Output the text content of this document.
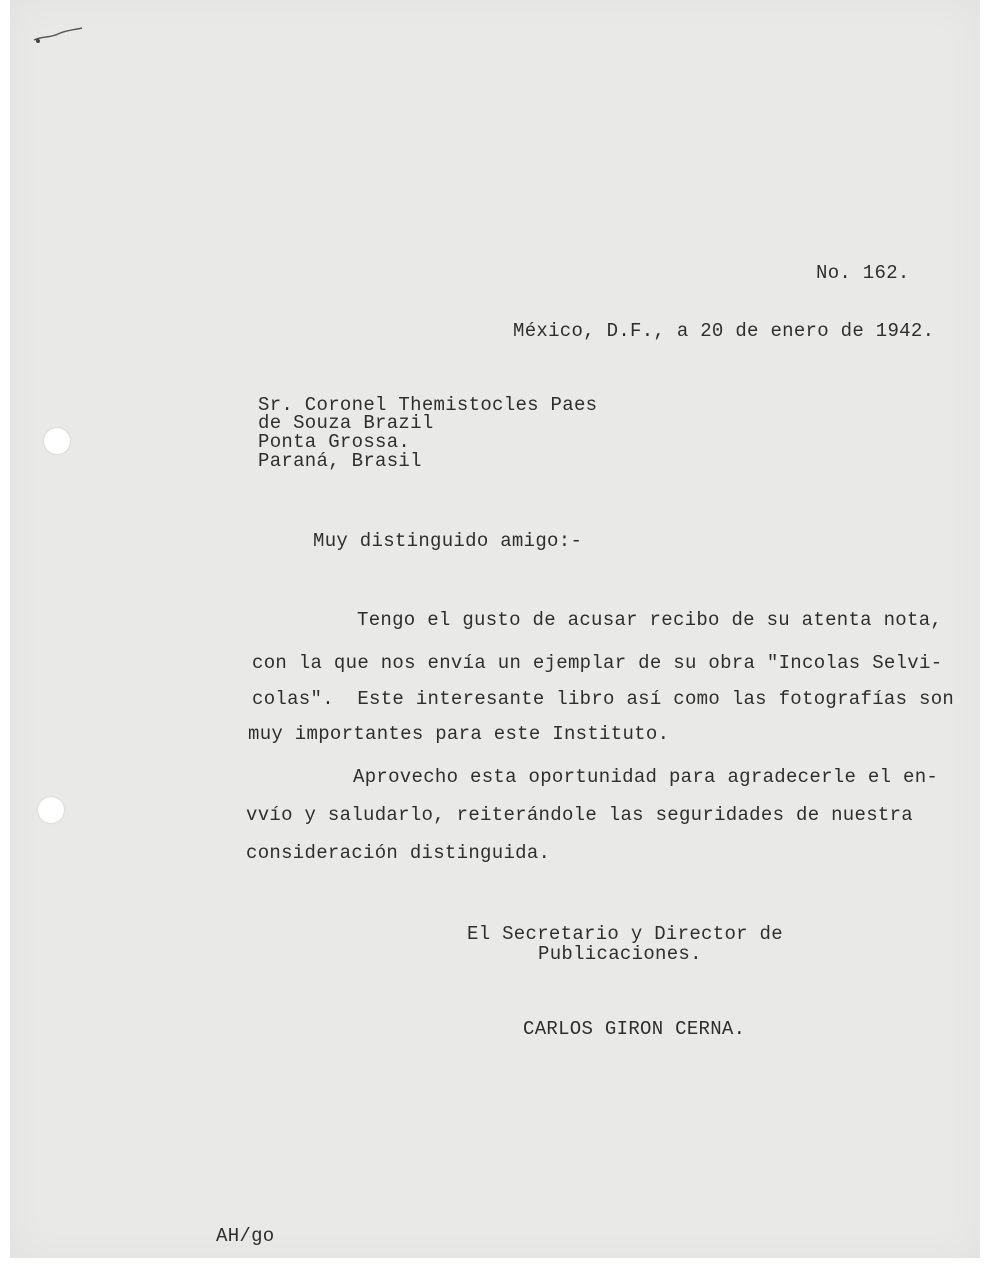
No. 162.
México, D.F., a 20 de enero de 1942.
Sr. Coronel Themistocles Paes
de Souza Brazil
Ponta Grossa.
Paraná, Brasil
Muy distinguido amigo:-
Tengo el gusto de acusar recibo de su atenta nota,
con la que nos envía un ejemplar de su obra "Incolas Selvi-
colas".  Este interesante libro así como las fotografías son
muy importantes para este Instituto.
Aprovecho esta oportunidad para agradecerle el en-
vvío y saludarlo, reiterándole las seguridades de nuestra
consideración distinguida.
El Secretario y Director de
Publicaciones.
CARLOS GIRON CERNA.
AH/go
